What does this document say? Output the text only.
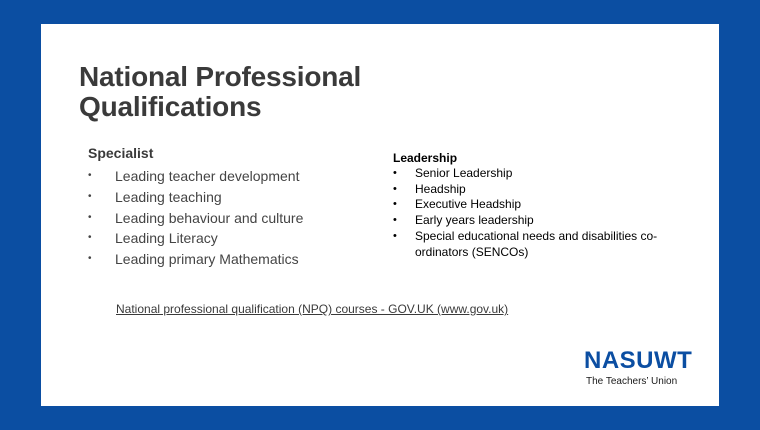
National Professional
Qualifications
Specialist
• Leading teacher development
• Leading teaching
• Leading behaviour and culture
• Leading Literacy
• Leading primary Mathematics
Leadership
• Senior Leadership
• Headship
• Executive Headship
• Early years leadership
• Special educational needs and disabilities co-ordinators (SENCOs)
National professional qualification (NPQ) courses - GOV.UK (www.gov.uk)
NASUWT
The Teachers’ Union
